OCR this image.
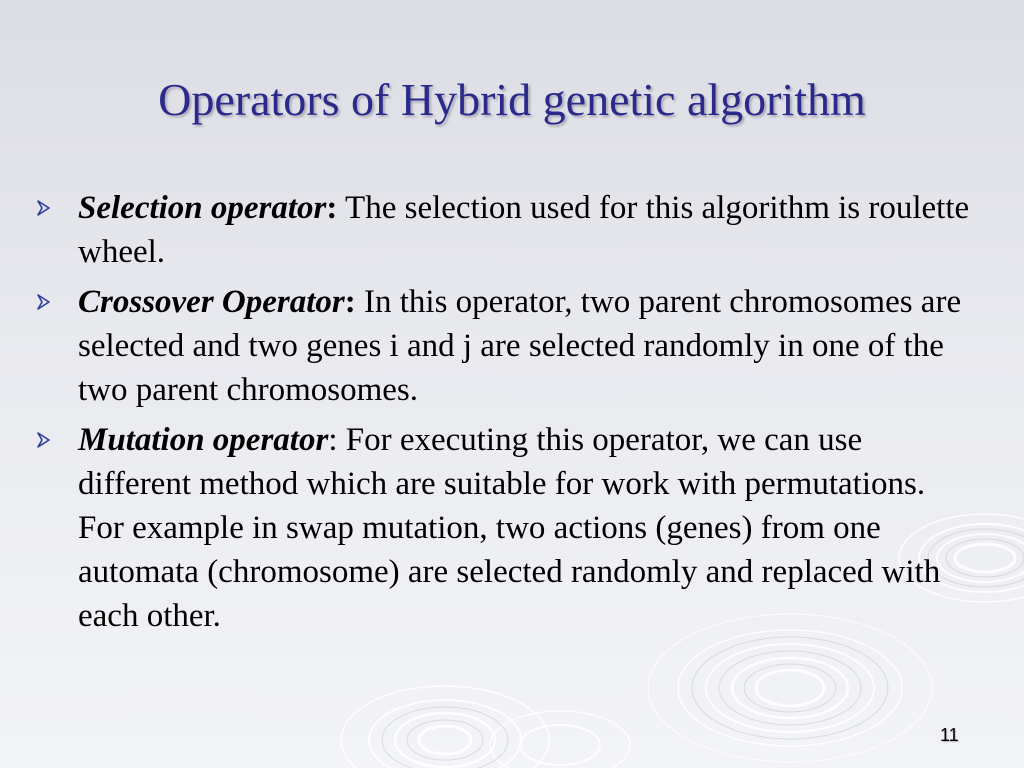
Operators of Hybrid genetic algorithm
Selection operator: The selection used for this algorithm is roulette wheel.
Crossover Operator: In this operator, two parent chromosomes are selected and two genes i and j are selected randomly in one of the two parent chromosomes.
Mutation operator: For executing this operator, we can use different method which are suitable for work with permutations. For example in swap mutation, two actions (genes) from one automata (chromosome) are selected randomly and replaced with each other.
11
